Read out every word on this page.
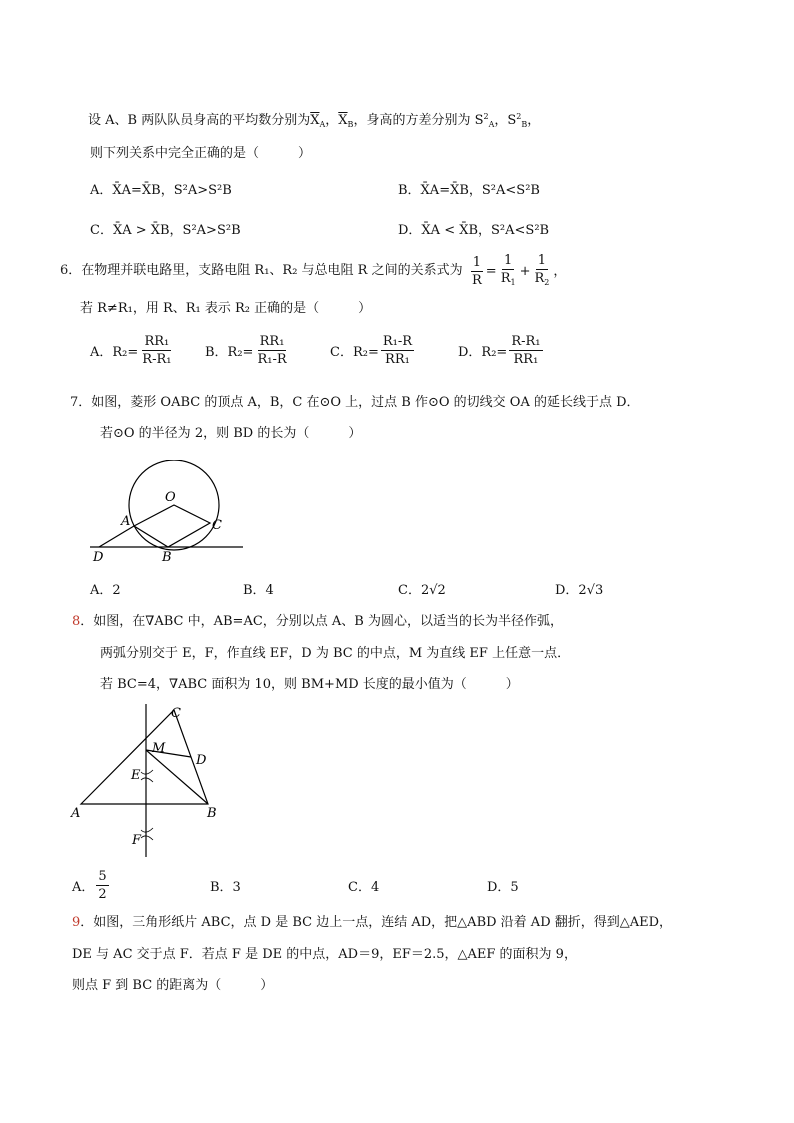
设 A、B 两队队员身高的平均数分别为$\overline{X}_A$，$\overline{X}_B$，身高的方差分别为 $S^2_A$，$S^2_B$，
则下列关系中完全正确的是（　　　）
A．X̄A=X̄B，S²A>S²B	B．X̄A=X̄B，S²A<S²B
C．X̄A > X̄B，S²A>S²B	D．X̄A < X̄B，S²A<S²B
6．在物理并联电路里，支路电阻 R₁、R₂ 与总电阻 R 之间的关系式为 $\frac{1}{R} = \frac{1}{R_1} + \frac{1}{R_2}$ ，
若 R≠R₁，用 R、R₁ 表示 R₂ 正确的是（　　　）
A．$R_2= \frac{\text{RR₁}}{\text{R-R₁}}$ B．$R_2= \frac{\text{RR₁}}{\text{R₁-R}}$	C．$R_2= \frac{\text{R₁-R}}{\text{RR₁}}$	D．$R_2= \frac{\text{R-R₁}}{\text{RR₁}}$
7．如图，菱形 OABC 的顶点 A，B，C 在⊙O 上，过点 B 作⊙O 的切线交 OA 的延长线于点 D．
若⊙O 的半径为 2，则 BD 的长为（　　　）
O
A	C
D	B
A．2	B．4	C．2√2	D．2√3
8．如图，在∇ABC 中，AB=AC，分别以点 A、B 为圆心，以适当的长为半径作弧，
两弧分别交于 E，F，作直线 EF，D 为 BC 的中点，M 为直线 EF 上任意一点．
若 BC=4，∇ABC 面积为 10，则 BM+MD 长度的最小值为（　　　）
C
M
D
E
A	B
F
A． $\frac{5}{2}$	B．3	C．4	D．5
9．如图，三角形纸片 ABC，点 D 是 BC 边上一点，连结 AD，把△ABD 沿着 AD 翻折，得到△AED，
DE 与 AC 交于点 F．若点 F 是 DE 的中点，AD＝9，EF＝2.5，△AEF 的面积为 9，
则点 F 到 BC 的距离为（　　　）
